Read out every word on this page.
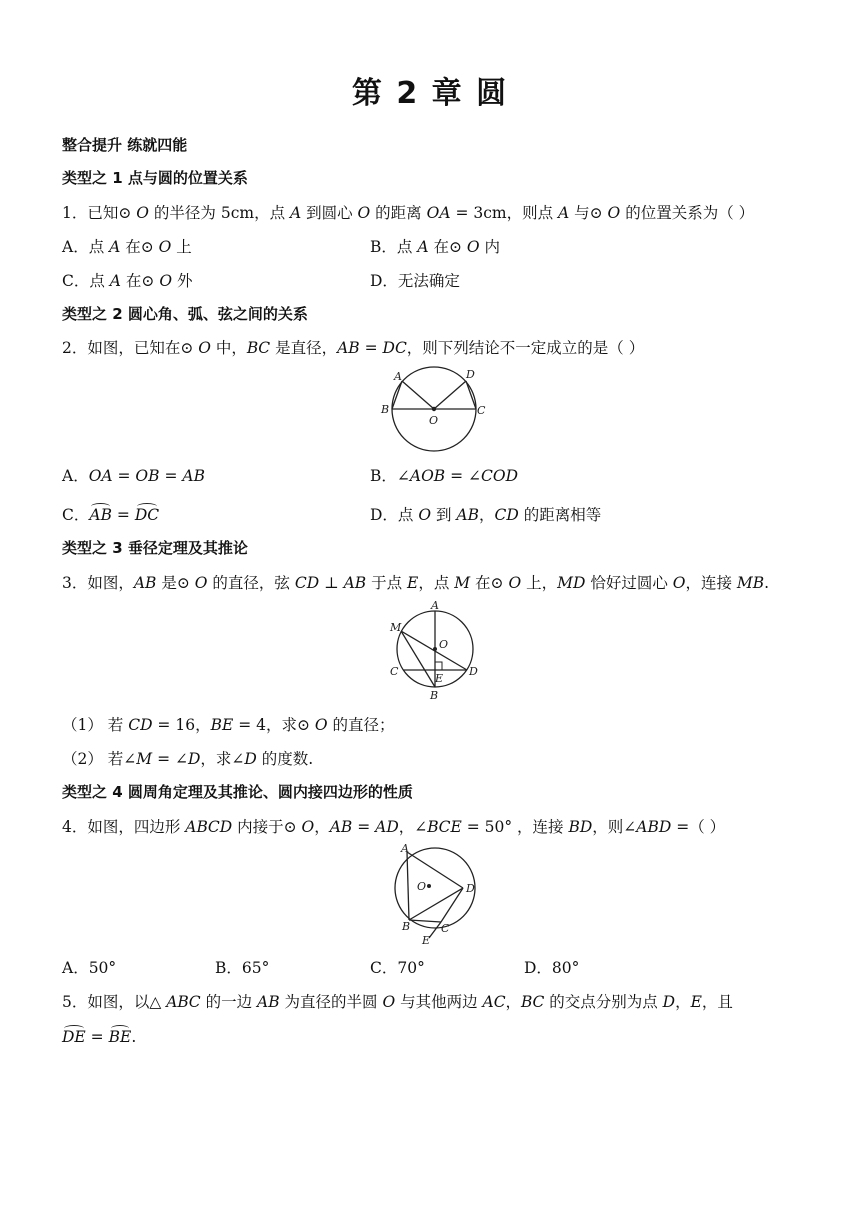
第 2 章 圆
整合提升 练就四能
类型之 1 点与圆的位置关系
1．已知⊙ 𝑂 的半径为 5cm，点 𝐴 到圆心 𝑂 的距离 𝑂𝐴 = 3cm，则点 𝐴 与⊙ 𝑂 的位置关系为（ ）
A．点 𝐴 在⊙ 𝑂 上	B．点 𝐴 在⊙ 𝑂 内
C．点 𝐴 在⊙ 𝑂 外	D．无法确定
类型之 2 圆心角、弧、弦之间的关系
2．如图，已知在⊙ 𝑂 中，𝐵𝐶 是直径，𝐴𝐵 = 𝐷𝐶，则下列结论不一定成立的是（ ）
A	D
B	C
O
A．𝑂𝐴 = 𝑂𝐵 = 𝐴𝐵	B．∠𝐴𝑂𝐵 = ∠𝐶𝑂𝐷
C．𝐴𝐵 = 𝐷𝐶	D．点 𝑂 到 𝐴𝐵，𝐶𝐷 的距离相等
类型之 3 垂径定理及其推论
3．如图，𝐴𝐵 是⊙ 𝑂 的直径，弦 𝐶𝐷 ⊥ 𝐴𝐵 于点 𝐸，点 𝑀 在⊙ 𝑂 上，𝑀𝐷 恰好过圆心 𝑂，连接 𝑀𝐵.
A
M
O
C
E
D
B
（1） 若 𝐶𝐷 = 16，𝐵𝐸 = 4，求⊙ 𝑂 的直径；
（2） 若∠𝑀 = ∠𝐷，求∠𝐷 的度数.
类型之 4 圆周角定理及其推论、圆内接四边形的性质
4．如图，四边形 𝐴𝐵𝐶𝐷 内接于⊙ 𝑂，𝐴𝐵 = 𝐴𝐷，∠𝐵𝐶𝐸 = 50° ，连接 𝐵𝐷，则∠𝐴𝐵𝐷 =（ ）
A
O	D
B	C
E
A．50°	B．65°	C．70°	D．80°
5．如图，以△ 𝐴𝐵𝐶 的一边 𝐴𝐵 为直径的半圆 𝑂 与其他两边 𝐴𝐶，𝐵𝐶 的交点分别为点 𝐷，𝐸，且
𝐷𝐸 = 𝐵𝐸.
